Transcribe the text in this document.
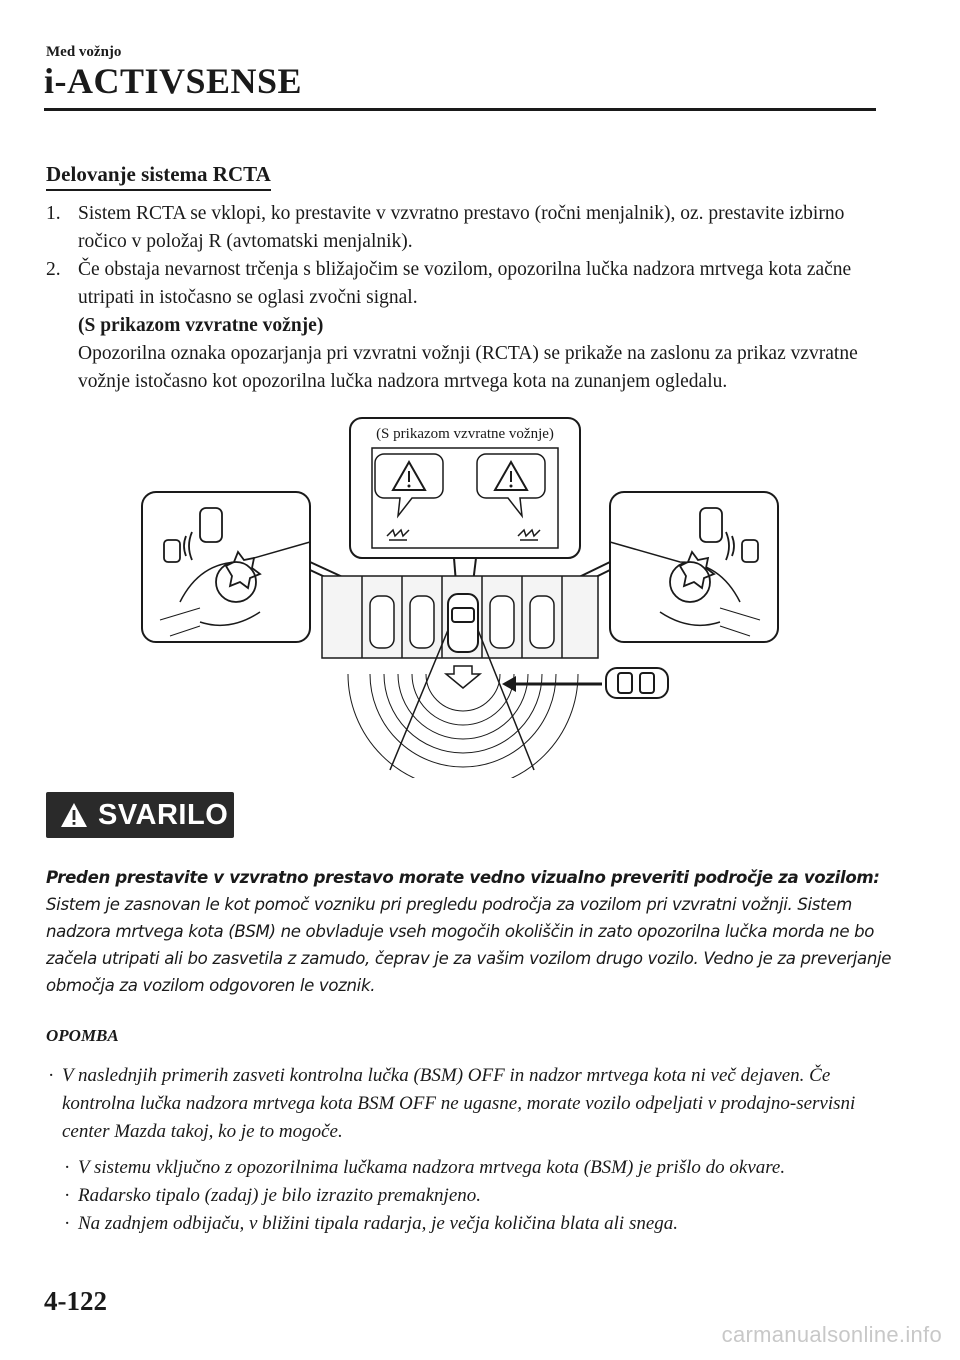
Med vožnjo
i-ACTIVSENSE
Delovanje sistema RCTA
1. Sistem RCTA se vklopi, ko prestavite v vzvratno prestavo (ročni menjalnik), oz. prestavite izbirno ročico v položaj R (avtomatski menjalnik).
2. Če obstaja nevarnost trčenja s bližajočim se vozilom, opozorilna lučka nadzora mrtvega kota začne utripati in istočasno se oglasi zvočni signal.
(S prikazom vzvratne vožnje)
Opozorilna oznaka opozarjanja pri vzvratni vožnji (RCTA) se prikaže na zaslonu za prikaz vzvratne vožnje istočasno kot opozorilna lučka nadzora mrtvega kota na zunanjem ogledalu.
(S prikazom vzvratne vožnje)
SVARILO
Preden prestavite v vzvratno prestavo morate vedno vizualno preveriti področje za vozilom:
Sistem je zasnovan le kot pomoč vozniku pri pregledu področja za vozilom pri vzvratni vožnji. Sistem nadzora mrtvega kota (BSM) ne obvladuje vseh mogočih okoliščin in zato opozorilna lučka morda ne bo začela utripati ali bo zasvetila z zamudo, čeprav je za vašim vozilom drugo vozilo. Vedno je za preverjanje območja za vozilom odgovoren le voznik.
OPOMBA
· V naslednjih primerih zasveti kontrolna lučka (BSM) OFF in nadzor mrtvega kota ni več dejaven. Če kontrolna lučka nadzora mrtvega kota BSM OFF ne ugasne, morate vozilo odpeljati v prodajno-servisni center Mazda takoj, ko je to mogoče.
· V sistemu vključno z opozorilnima lučkama nadzora mrtvega kota (BSM) je prišlo do okvare.
· Radarsko tipalo (zadaj) je bilo izrazito premaknjeno.
· Na zadnjem odbijaču, v bližini tipala radarja, je večja količina blata ali snega.
4-122
carmanualsonline.info
